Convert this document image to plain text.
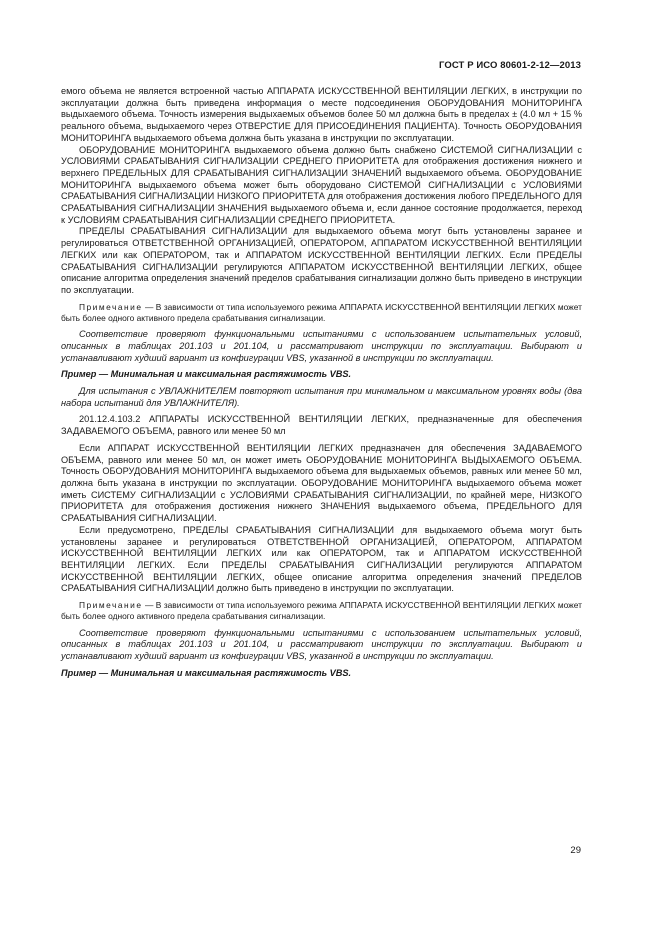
ГОСТ Р ИСО 80601-2-12—2013

емого объема не является встроенной частью АППАРАТА ИСКУССТВЕННОЙ ВЕНТИЛЯЦИИ ЛЕГКИХ, в инструкции по эксплуатации должна быть приведена информация о месте подсоединения ОБОРУДОВАНИЯ МОНИТОРИНГА выдыхаемого объема. Точность измерения выдыхаемых объемов более 50 мл должна быть в пределах ± (4.0 мл + 15 % реального объема, выдыхаемого через ОТВЕРСТИЕ ДЛЯ ПРИСОЕДИНЕНИЯ ПАЦИЕНТА). Точность ОБОРУДОВАНИЯ МОНИТОРИНГА выдыхаемого объема должна быть указана в инструкции по эксплуатации.

ОБОРУДОВАНИЕ МОНИТОРИНГА выдыхаемого объема должно быть снабжено СИСТЕМОЙ СИГНАЛИЗАЦИИ с УСЛОВИЯМИ СРАБАТЫВАНИЯ СИГНАЛИЗАЦИИ СРЕДНЕГО ПРИОРИТЕТА для отображения достижения нижнего и верхнего ПРЕДЕЛЬНЫХ ДЛЯ СРАБАТЫВАНИЯ СИГНАЛИЗАЦИИ ЗНАЧЕНИЙ выдыхаемого объема. ОБОРУДОВАНИЕ МОНИТОРИНГА выдыхаемого объема может быть оборудовано СИСТЕМОЙ СИГНАЛИЗАЦИИ с УСЛОВИЯМИ СРАБАТЫВАНИЯ СИГНАЛИЗАЦИИ НИЗКОГО ПРИОРИТЕТА для отображения достижения любого ПРЕДЕЛЬНОГО ДЛЯ СРАБАТЫВАНИЯ СИГНАЛИЗАЦИИ ЗНАЧЕНИЯ выдыхаемого объема и, если данное состояние продолжается, переход к УСЛОВИЯМ СРАБАТЫВАНИЯ СИГНАЛИЗАЦИИ СРЕДНЕГО ПРИОРИТЕТА.

ПРЕДЕЛЫ СРАБАТЫВАНИЯ СИГНАЛИЗАЦИИ для выдыхаемого объема могут быть установлены заранее и регулироваться ОТВЕТСТВЕННОЙ ОРГАНИЗАЦИЕЙ, ОПЕРАТОРОМ, АППАРАТОМ ИСКУССТВЕННОЙ ВЕНТИЛЯЦИИ ЛЕГКИХ или как ОПЕРАТОРОМ, так и АППАРАТОМ ИСКУССТВЕННОЙ ВЕНТИЛЯЦИИ ЛЕГКИХ. Если ПРЕДЕЛЫ СРАБАТЫВАНИЯ СИГНАЛИЗАЦИИ регулируются АППАРАТОМ ИСКУССТВЕННОЙ ВЕНТИЛЯЦИИ ЛЕГКИХ, общее описание алгоритма определения значений пределов срабатывания сигнализации должно быть приведено в инструкции по эксплуатации.

Примечание — В зависимости от типа используемого режима АППАРАТА ИСКУССТВЕННОЙ ВЕНТИЛЯЦИИ ЛЕГКИХ может быть более одного активного предела срабатывания сигнализации.

Соответствие проверяют функциональными испытаниями с использованием испытательных условий, описанных в таблицах 201.103 и 201.104, и рассматривают инструкции по эксплуатации. Выбирают и устанавливают худший вариант из конфигурации VBS, указанной в инструкции по эксплуатации.

Пример — Минимальная и максимальная растяжимость VBS.

Для испытания с УВЛАЖНИТЕЛЕМ повторяют испытания при минимальном и максимальном уровнях воды (два набора испытаний для УВЛАЖНИТЕЛЯ).

201.12.4.103.2 АППАРАТЫ ИСКУССТВЕННОЙ ВЕНТИЛЯЦИИ ЛЕГКИХ, предназначенные для обеспечения ЗАДАВАЕМОГО ОБЪЕМА, равного или менее 50 мл

Если АППАРАТ ИСКУССТВЕННОЙ ВЕНТИЛЯЦИИ ЛЕГКИХ предназначен для обеспечения ЗАДАВАЕМОГО ОБЪЕМА, равного или менее 50 мл, он может иметь ОБОРУДОВАНИЕ МОНИТОРИНГА ВЫДЫХАЕМОГО ОБЪЕМА. Точность ОБОРУДОВАНИЯ МОНИТОРИНГА выдыхаемого объема для выдыхаемых объемов, равных или менее 50 мл, должна быть указана в инструкции по эксплуатации. ОБОРУДОВАНИЕ МОНИТОРИНГА выдыхаемого объема может иметь СИСТЕМУ СИГНАЛИЗАЦИИ с УСЛОВИЯМИ СРАБАТЫВАНИЯ СИГНАЛИЗАЦИИ, по крайней мере, НИЗКОГО ПРИОРИТЕТА для отображения достижения нижнего ЗНАЧЕНИЯ выдыхаемого объема, ПРЕДЕЛЬНОГО ДЛЯ СРАБАТЫВАНИЯ СИГНАЛИЗАЦИИ.

Если предусмотрено, ПРЕДЕЛЫ СРАБАТЫВАНИЯ СИГНАЛИЗАЦИИ для выдыхаемого объема могут быть установлены заранее и регулироваться ОТВЕТСТВЕННОЙ ОРГАНИЗАЦИЕЙ, ОПЕРАТОРОМ, АППАРАТОМ ИСКУССТВЕННОЙ ВЕНТИЛЯЦИИ ЛЕГКИХ или как ОПЕРАТОРОМ, так и АППАРАТОМ ИСКУССТВЕННОЙ ВЕНТИЛЯЦИИ ЛЕГКИХ. Если ПРЕДЕЛЫ СРАБАТЫВАНИЯ СИГНАЛИЗАЦИИ регулируются АППАРАТОМ ИСКУССТВЕННОЙ ВЕНТИЛЯЦИИ ЛЕГКИХ, общее описание алгоритма определения значений ПРЕДЕЛОВ СРАБАТЫВАНИЯ СИГНАЛИЗАЦИИ должно быть приведено в инструкции по эксплуатации.

Примечание — В зависимости от типа используемого режима АППАРАТА ИСКУССТВЕННОЙ ВЕНТИЛЯЦИИ ЛЕГКИХ может быть более одного активного предела срабатывания сигнализации.

Соответствие проверяют функциональными испытаниями с использованием испытательных условий, описанных в таблицах 201.103 и 201.104, и рассматривают инструкции по эксплуатации. Выбирают и устанавливают худший вариант из конфигурации VBS, указанной в инструкции по эксплуатации.

Пример — Минимальная и максимальная растяжимость VBS.

29
